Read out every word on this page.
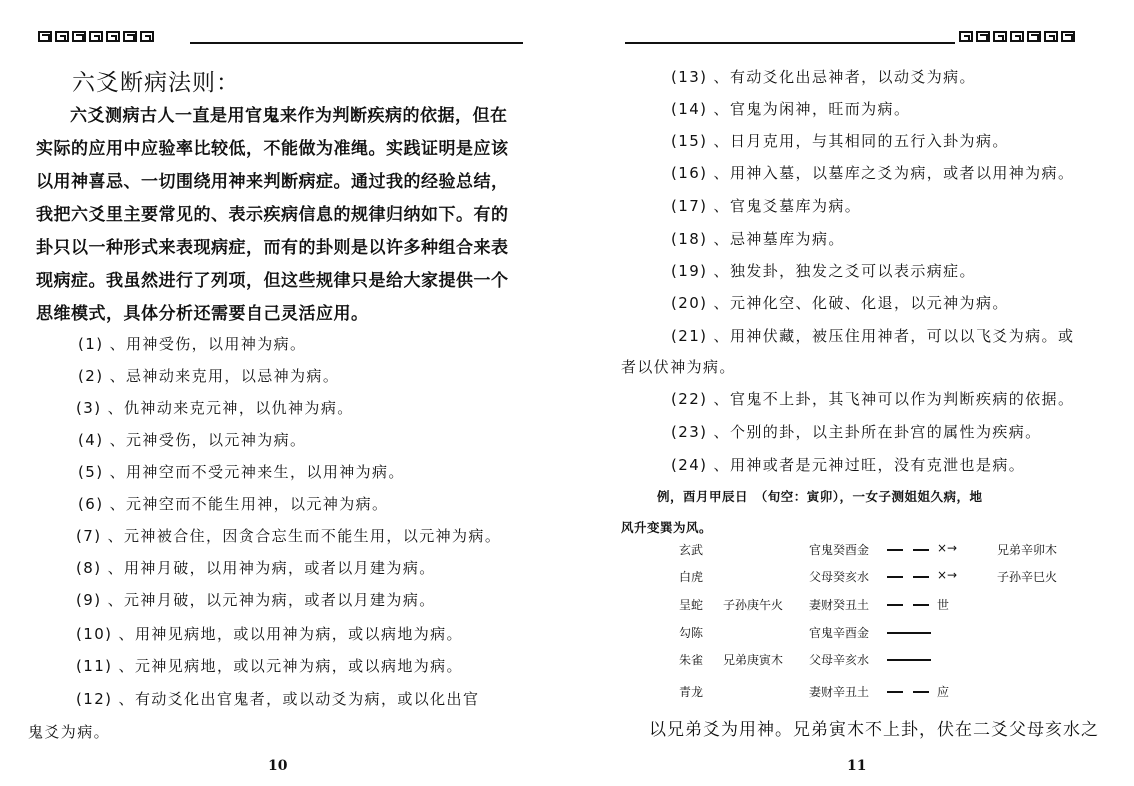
六爻断病法则：
六爻测病古人一直是用官鬼来作为判断疾病的依据，但在
实际的应用中应验率比较低，不能做为准绳。实践证明是应该
以用神喜忌、一切围绕用神来判断病症。通过我的经验总结，
我把六爻里主要常见的、表示疾病信息的规律归纳如下。有的
卦只以一种形式来表现病症，而有的卦则是以许多种组合来表
现病症。我虽然进行了列项，但这些规律只是给大家提供一个
思维模式，具体分析还需要自己灵活应用。
(1) 、用神受伤，以用神为病。
(2) 、忌神动来克用，以忌神为病。
(3) 、仇神动来克元神，以仇神为病。
(4) 、元神受伤，以元神为病。
(5) 、用神空而不受元神来生，以用神为病。
(6) 、元神空而不能生用神，以元神为病。
(7) 、元神被合住，因贪合忘生而不能生用，以元神为病。
(8) 、用神月破，以用神为病，或者以月建为病。
(9) 、元神月破，以元神为病，或者以月建为病。
(10) 、用神见病地，或以用神为病，或以病地为病。
(11) 、元神见病地，或以元神为病，或以病地为病。
(12) 、有动爻化出官鬼者，或以动爻为病，或以化出官
鬼爻为病。
10
(13) 、有动爻化出忌神者，以动爻为病。
(14) 、官鬼为闲神，旺而为病。
(15) 、日月克用，与其相同的五行入卦为病。
(16) 、用神入墓，以墓库之爻为病，或者以用神为病。
(17) 、官鬼爻墓库为病。
(18) 、忌神墓库为病。
(19) 、独发卦，独发之爻可以表示病症。
(20) 、元神化空、化破、化退，以元神为病。
(21) 、用神伏藏，被压住用神者，可以以飞爻为病。或
者以伏神为病。
(22) 、官鬼不上卦，其飞神可以作为判断疾病的依据。
(23) 、个别的卦，以主卦所在卦宫的属性为疾病。
(24) 、用神或者是元神过旺，没有克泄也是病。
例，酉月甲辰日　（旬空：寅卯），一女子测姐姐久病，地
风升变巽为风。
玄武	官鬼癸酉金	×→	兄弟辛卯木
白虎	父母癸亥水	×→	子孙辛巳火
呈蛇 子孙庚午火 妻财癸丑土	世
勾陈	官鬼辛酉金
朱雀 兄弟庚寅木 父母辛亥水
青龙	妻财辛丑土	应
以兄弟爻为用神。兄弟寅木不上卦，伏在二爻父母亥水之
11
